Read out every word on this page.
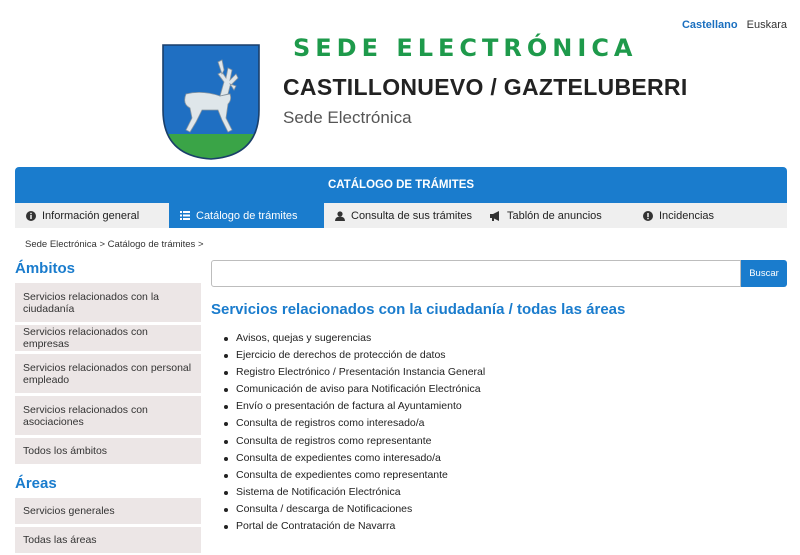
Castellano Euskara
SEDE ELECTRÓNICA
CASTILLONUEVO / GAZTELUBERRI
Sede Electrónica
CATÁLOGO DE TRÁMITES
Información general	Catálogo de trámites	Consulta de sus trámites	Tablón de anuncios	Incidencias
Sede Electrónica > Catálogo de trámites >
Ámbitos
Servicios relacionados con la ciudadanía
Servicios relacionados con empresas
Servicios relacionados con personal empleado
Servicios relacionados con asociaciones
Todos los ámbitos
Áreas
Servicios generales
Todas las áreas
Buscar
Servicios relacionados con la ciudadanía / todas las áreas
Avisos, quejas y sugerencias
Ejercicio de derechos de protección de datos
Registro Electrónico / Presentación Instancia General
Comunicación de aviso para Notificación Electrónica
Envío o presentación de factura al Ayuntamiento
Consulta de registros como interesado/a
Consulta de registros como representante
Consulta de expedientes como interesado/a
Consulta de expedientes como representante
Sistema de Notificación Electrónica
Consulta / descarga de Notificaciones
Portal de Contratación de Navarra
